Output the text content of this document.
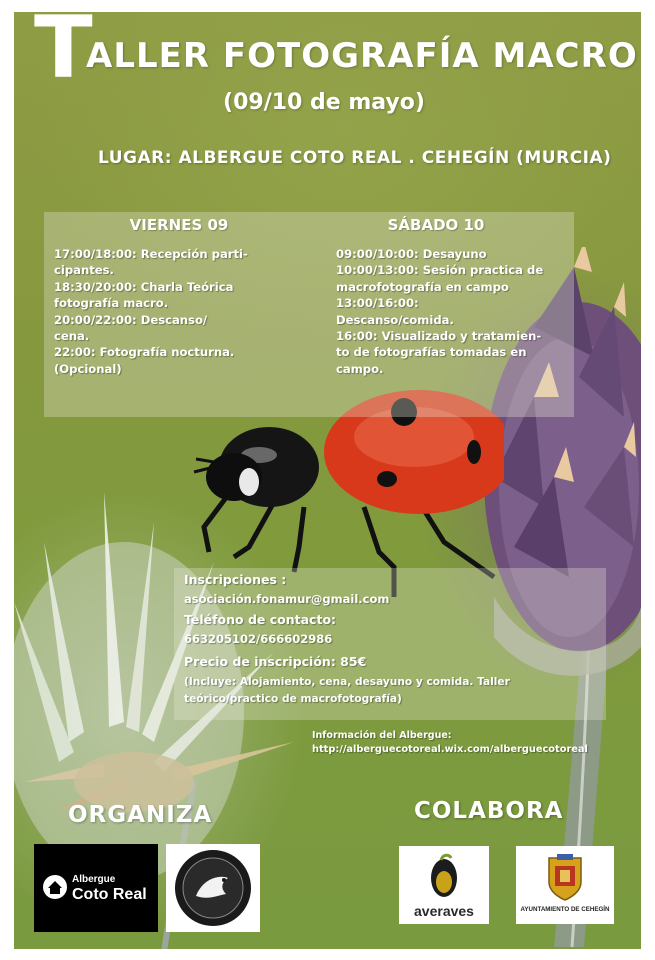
T
ALLER FOTOGRAFÍA MACRO
(09/10 de mayo)
LUGAR: ALBERGUE COTO REAL . CEHEGÍN (MURCIA)
VIERNES 09
17:00/18:00: Recepción parti-
cipantes.
18:30/20:00: Charla Teórica
fotografía macro.
20:00/22:00: Descanso/
cena.
22:00: Fotografía nocturna.
(Opcional)
SÁBADO 10
09:00/10:00: Desayuno
10:00/13:00: Sesión practica de
macrofotografía en campo
13:00/16:00:
Descanso/comida.
16:00: Visualizado y tratamien-
to de fotografías tomadas en
campo.
Inscripciones :
asociación.fonamur@gmail.com
Teléfono de contacto:
663205102/666602986
Precio de inscripción: 85€
(Incluye: Alojamiento, cena, desayuno y comida. Taller
teórico/practico de macrofotografía)
Información del Albergue:
http://alberguecotoreal.wix.com/alberguecotoreal
ORGANIZA
Albergue
Coto Real
COLABORA
averaves	AYUNTAMIENTO DE CEHEGÍN
